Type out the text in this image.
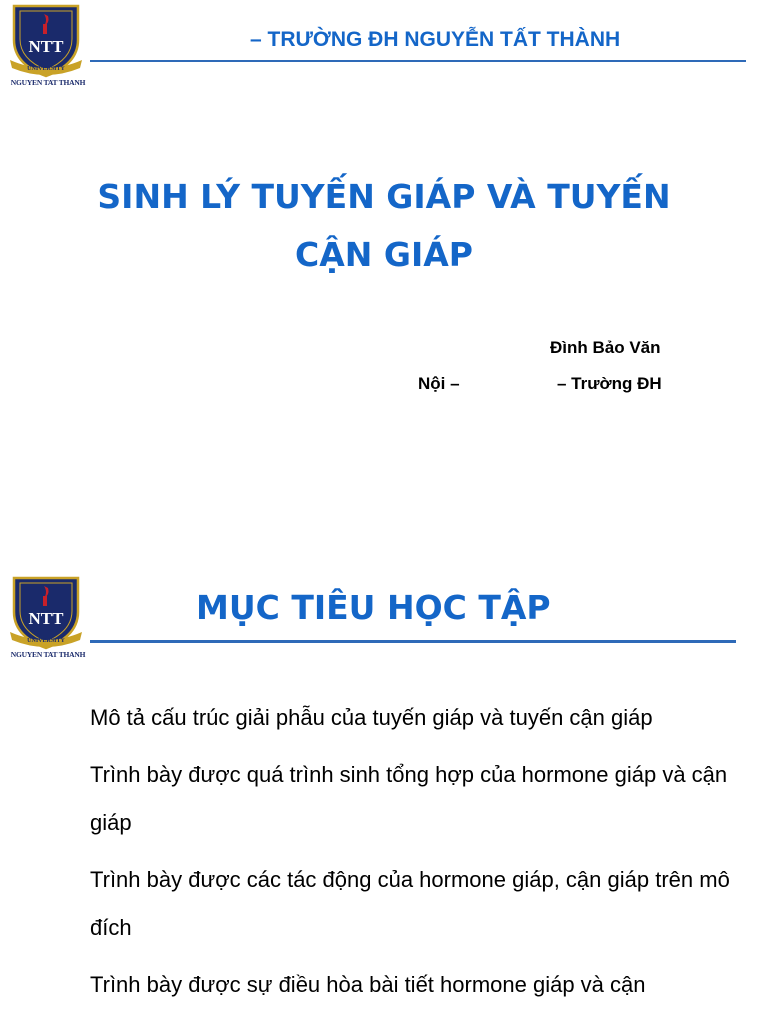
NTT
UNIVERSITY
NGUYEN TAT THANH
– TRƯỜNG ĐH NGUYỄN TẤT THÀNH
SINH LÝ TUYẾN GIÁP VÀ TUYẾN
CẬN GIÁP
Đình Bảo Văn
Nội –	– Trường ĐH
NTT
UNIVERSITY
NGUYEN TAT THANH
MỤC TIÊU HỌC TẬP
Mô tả cấu trúc giải phẫu của tuyến giáp và tuyến cận giáp
Trình bày được quá trình sinh tổng hợp của hormone giáp và cận giáp
Trình bày được các tác động của hormone giáp, cận giáp trên mô đích
Trình bày được sự điều hòa bài tiết hormone giáp và cận
